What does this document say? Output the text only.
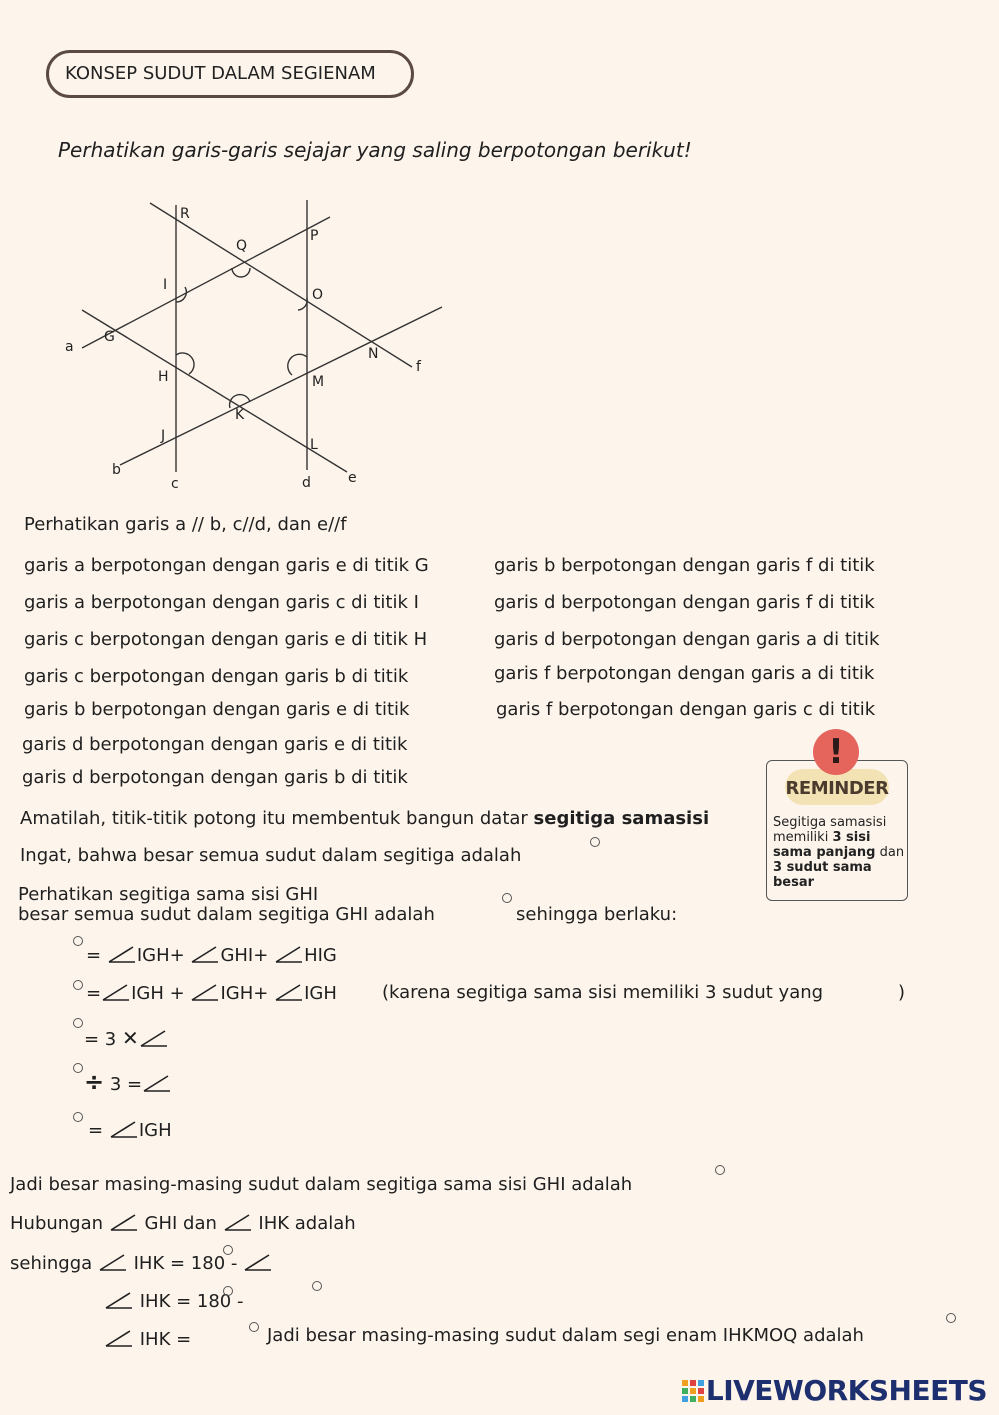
KONSEP SUDUT DALAM SEGIENAM
Perhatikan garis-garis sejajar yang saling berpotongan berikut!
R
Q
P
I
O
a
G
N
f
H	M
K
J
L
b
c	d	e
Perhatikan garis a // b, c//d, dan e//f
garis a berpotongan dengan garis e di titik G
garis a berpotongan dengan garis c di titik I
garis c berpotongan dengan garis e di titik H
garis c berpotongan dengan garis b di titik
garis b berpotongan dengan garis e di titik
garis d berpotongan dengan garis e di titik
garis d berpotongan dengan garis b di titik
garis b berpotongan dengan garis f di titik
garis d berpotongan dengan garis f di titik
garis d berpotongan dengan garis a di titik
garis f berpotongan dengan garis a di titik
garis f berpotongan dengan garis c di titik
REMINDER
!
Segitiga samasisi memiliki 3 sisi sama panjang dan 3 sudut sama besar
Amatilah, titik-titik potong itu membentuk bangun datar segitiga samasisi
Ingat, bahwa besar semua sudut dalam segitiga adalah
Perhatikan segitiga sama sisi GHI
besar semua sudut dalam segitiga GHI adalah	sehingga berlaku:
= IGH+ GHI+ HIG
= IGH + IGH+ IGH	(karena segitiga sama sisi memiliki 3 sudut yang	)
= 3 ✕
÷ 3 =
= IGH
Jadi besar masing-masing sudut dalam segitiga sama sisi GHI adalah
Hubungan GHI dan IHK adalah
sehingga IHK = 180 -
IHK = 180 -
IHK =	Jadi besar masing-masing sudut dalam segi enam IHKMOQ adalah
LIVEWORKSHEETS
